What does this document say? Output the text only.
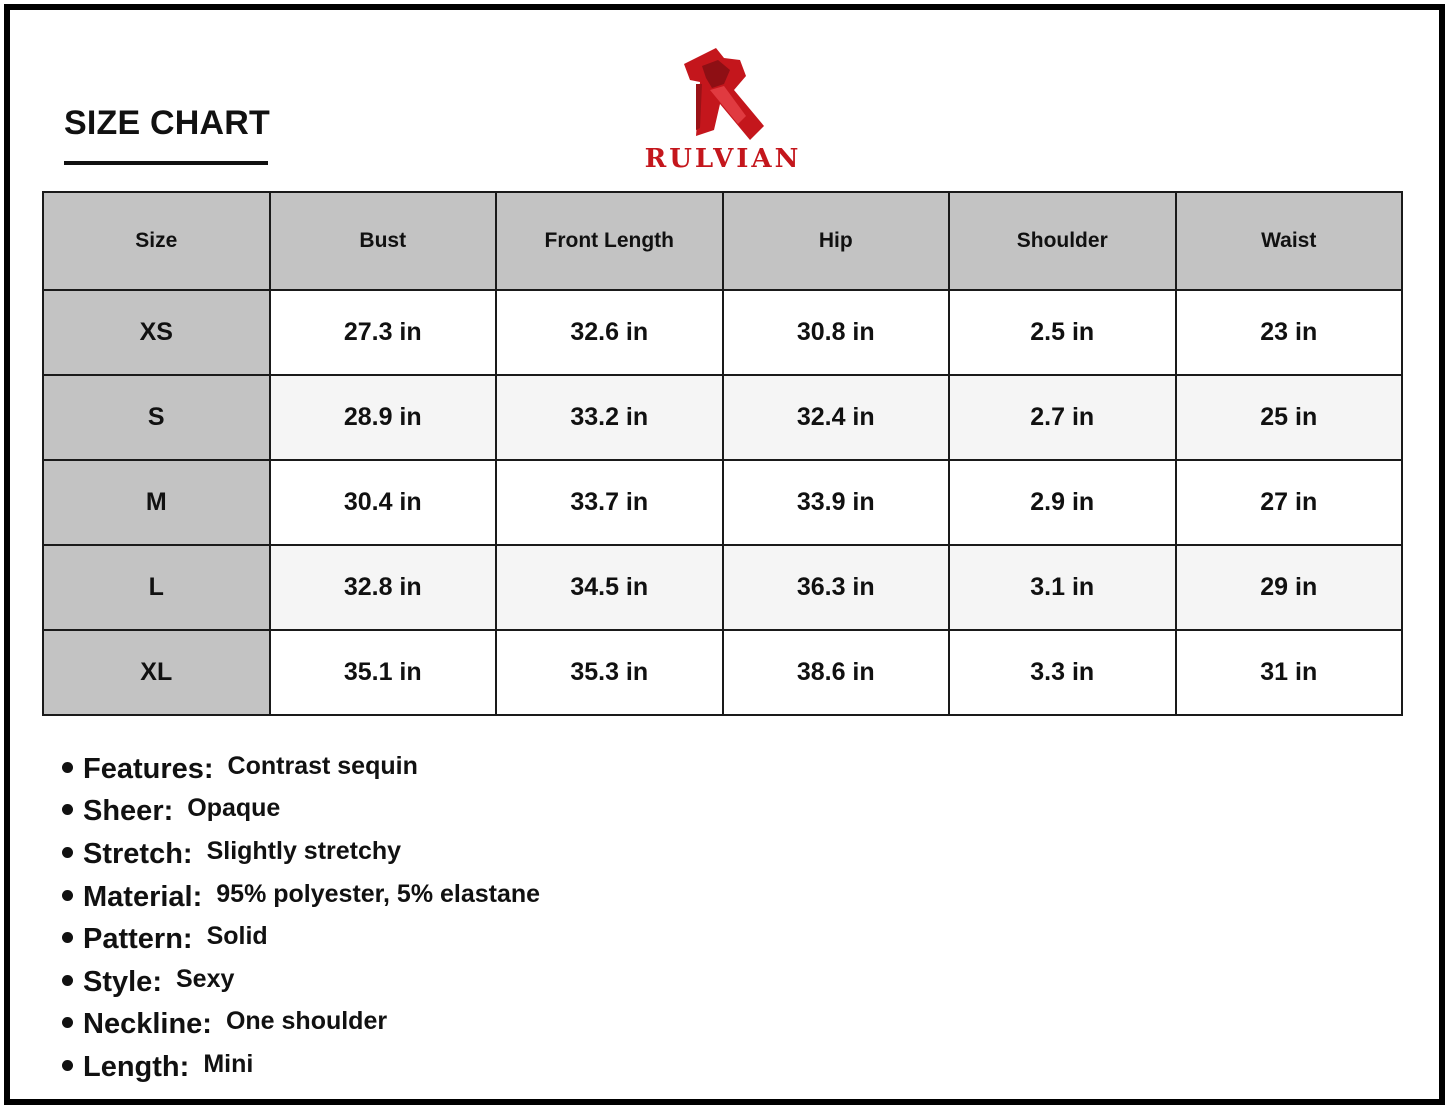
SIZE CHART
RULVIAN
Size	Bust	Front Length	Hip	Shoulder	Waist
XS	27.3 in	32.6 in	30.8 in	2.5 in	23 in
S	28.9 in	33.2 in	32.4 in	2.7 in	25 in
M	30.4 in	33.7 in	33.9 in	2.9 in	27 in
L	32.8 in	34.5 in	36.3 in	3.1 in	29 in
XL	35.1 in	35.3 in	38.6 in	3.3 in	31 in
Features: Contrast sequin
Sheer: Opaque
Stretch: Slightly stretchy
Material: 95% polyester, 5% elastane
Pattern: Solid
Style: Sexy
Neckline: One shoulder
Length: Mini
